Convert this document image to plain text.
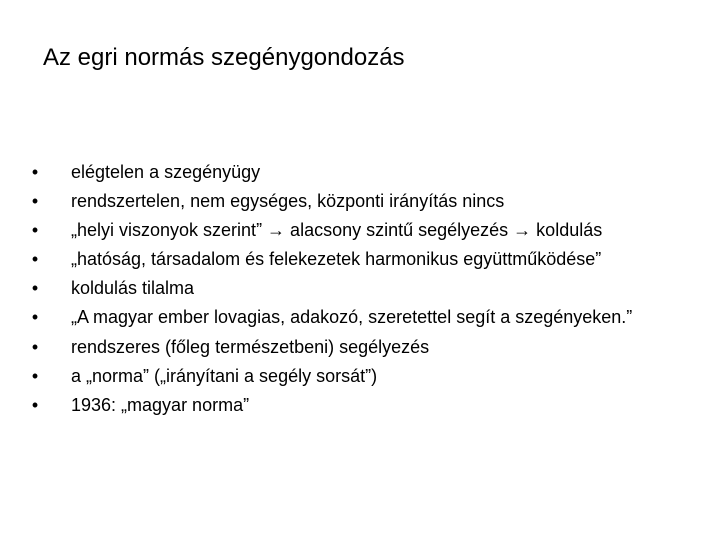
Az egri normás szegénygondozás
• elégtelen a szegényügy
• rendszertelen, nem egységes, központi irányítás nincs
• „helyi viszonyok szerint” → alacsony szintű segélyezés → koldulás
• „hatóság, társadalom és felekezetek harmonikus együttműködése”
• koldulás tilalma
• „A magyar ember lovagias, adakozó, szeretettel segít a szegényeken.”
• rendszeres (főleg természetbeni) segélyezés
• a „norma” („irányítani a segély sorsát”)
• 1936: „magyar norma”
